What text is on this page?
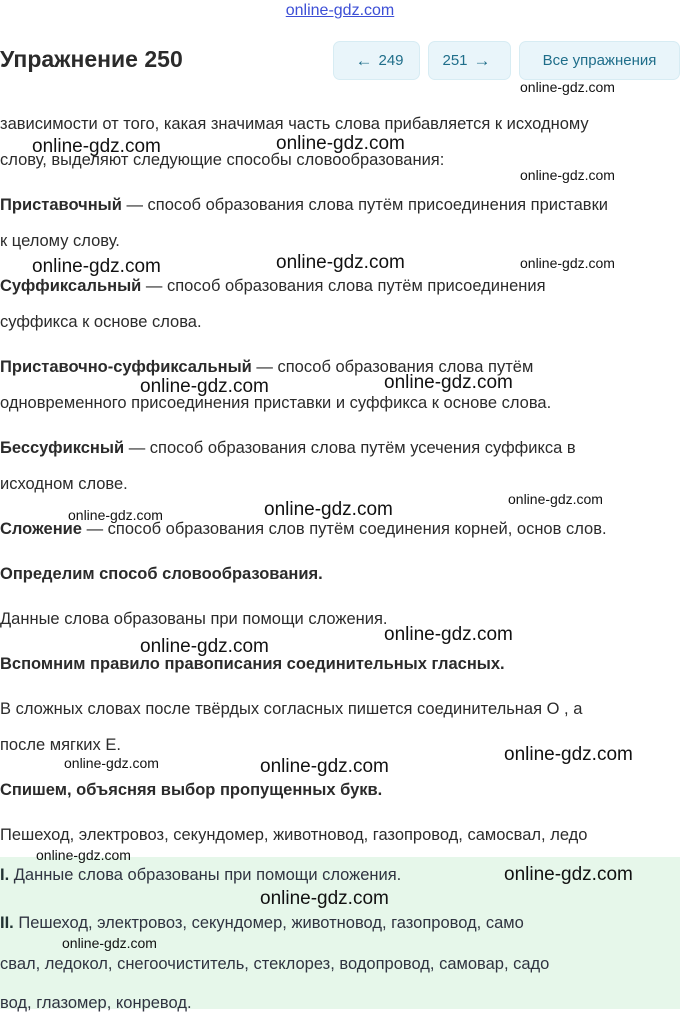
online-gdz.com
Упражнение 250	← 249	251 →	Все упражнения
зависимости от того, какая значимая часть слова прибавляется к исходному
слову, выделяют следующие способы словообразования:
Приставочный — способ образования слова путём присоединения приставки
к целому слову.
Суффиксальный — способ образования слова путём присоединения
суффикса к основе слова.
Приставочно-суффиксальный — способ образования слова путём
одновременного присоединения приставки и суффикса к основе слова.
Бессуфиксный — способ образования слова путём усечения суффикса в
исходном слове.
Сложение — способ образования слов путём соединения корней, основ слов.
Определим способ словообразования.
Данные слова образованы при помощи сложения.
Вспомним правило правописания соединительных гласных.
В сложных словах после твёрдых согласных пишется соединительная О , а
после мягких Е.
Спишем, объясняя выбор пропущенных букв.
Пешеход, электровоз, секундомер, животновод, газопровод, самосвал, ледо
I. Данные слова образованы при помощи сложения.
II. Пешеход, электровоз, секундомер, животновод, газопровод, само
свал, ледокол, снегоочиститель, стеклорез, водопровод, самовар, садо
вод, глазомер, конревод.
online-gdz.com
online-gdz.com	online-gdz.com
online-gdz.com
online-gdz.com	online-gdz.com	online-gdz.com
online-gdz.com	online-gdz.com
online-gdz.com
online-gdz.com
online-gdz.com
online-gdz.com
online-gdz.com
online-gdz.com
online-gdz.com	online-gdz.com
online-gdz.com
online-gdz.com
online-gdz.com
online-gdz.com
